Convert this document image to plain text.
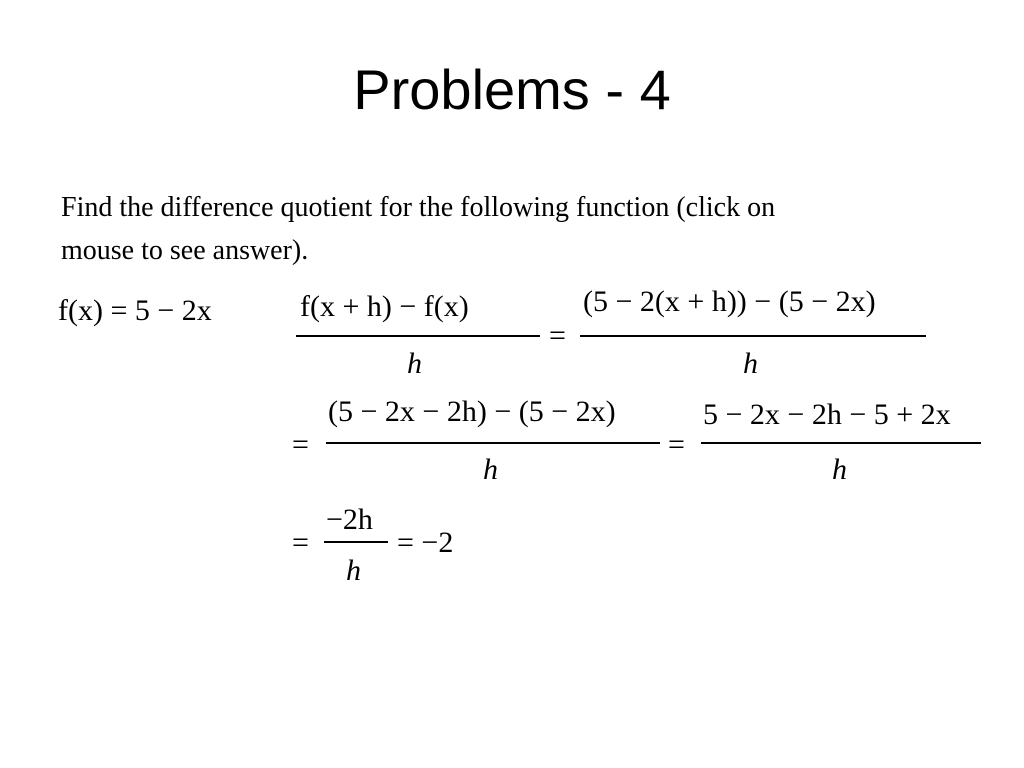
Problems - 4
Find the difference quotient for the following function (click on
mouse to see answer).
f(x) = 5 − 2x	f(x + h) − f(x)
h
=
(5 − 2(x + h)) − (5 − 2x)
h
=
(5 − 2x − 2h) − (5 − 2x)
h
=
5 − 2x − 2h − 5 + 2x
h
=
−2h
h
= −2
